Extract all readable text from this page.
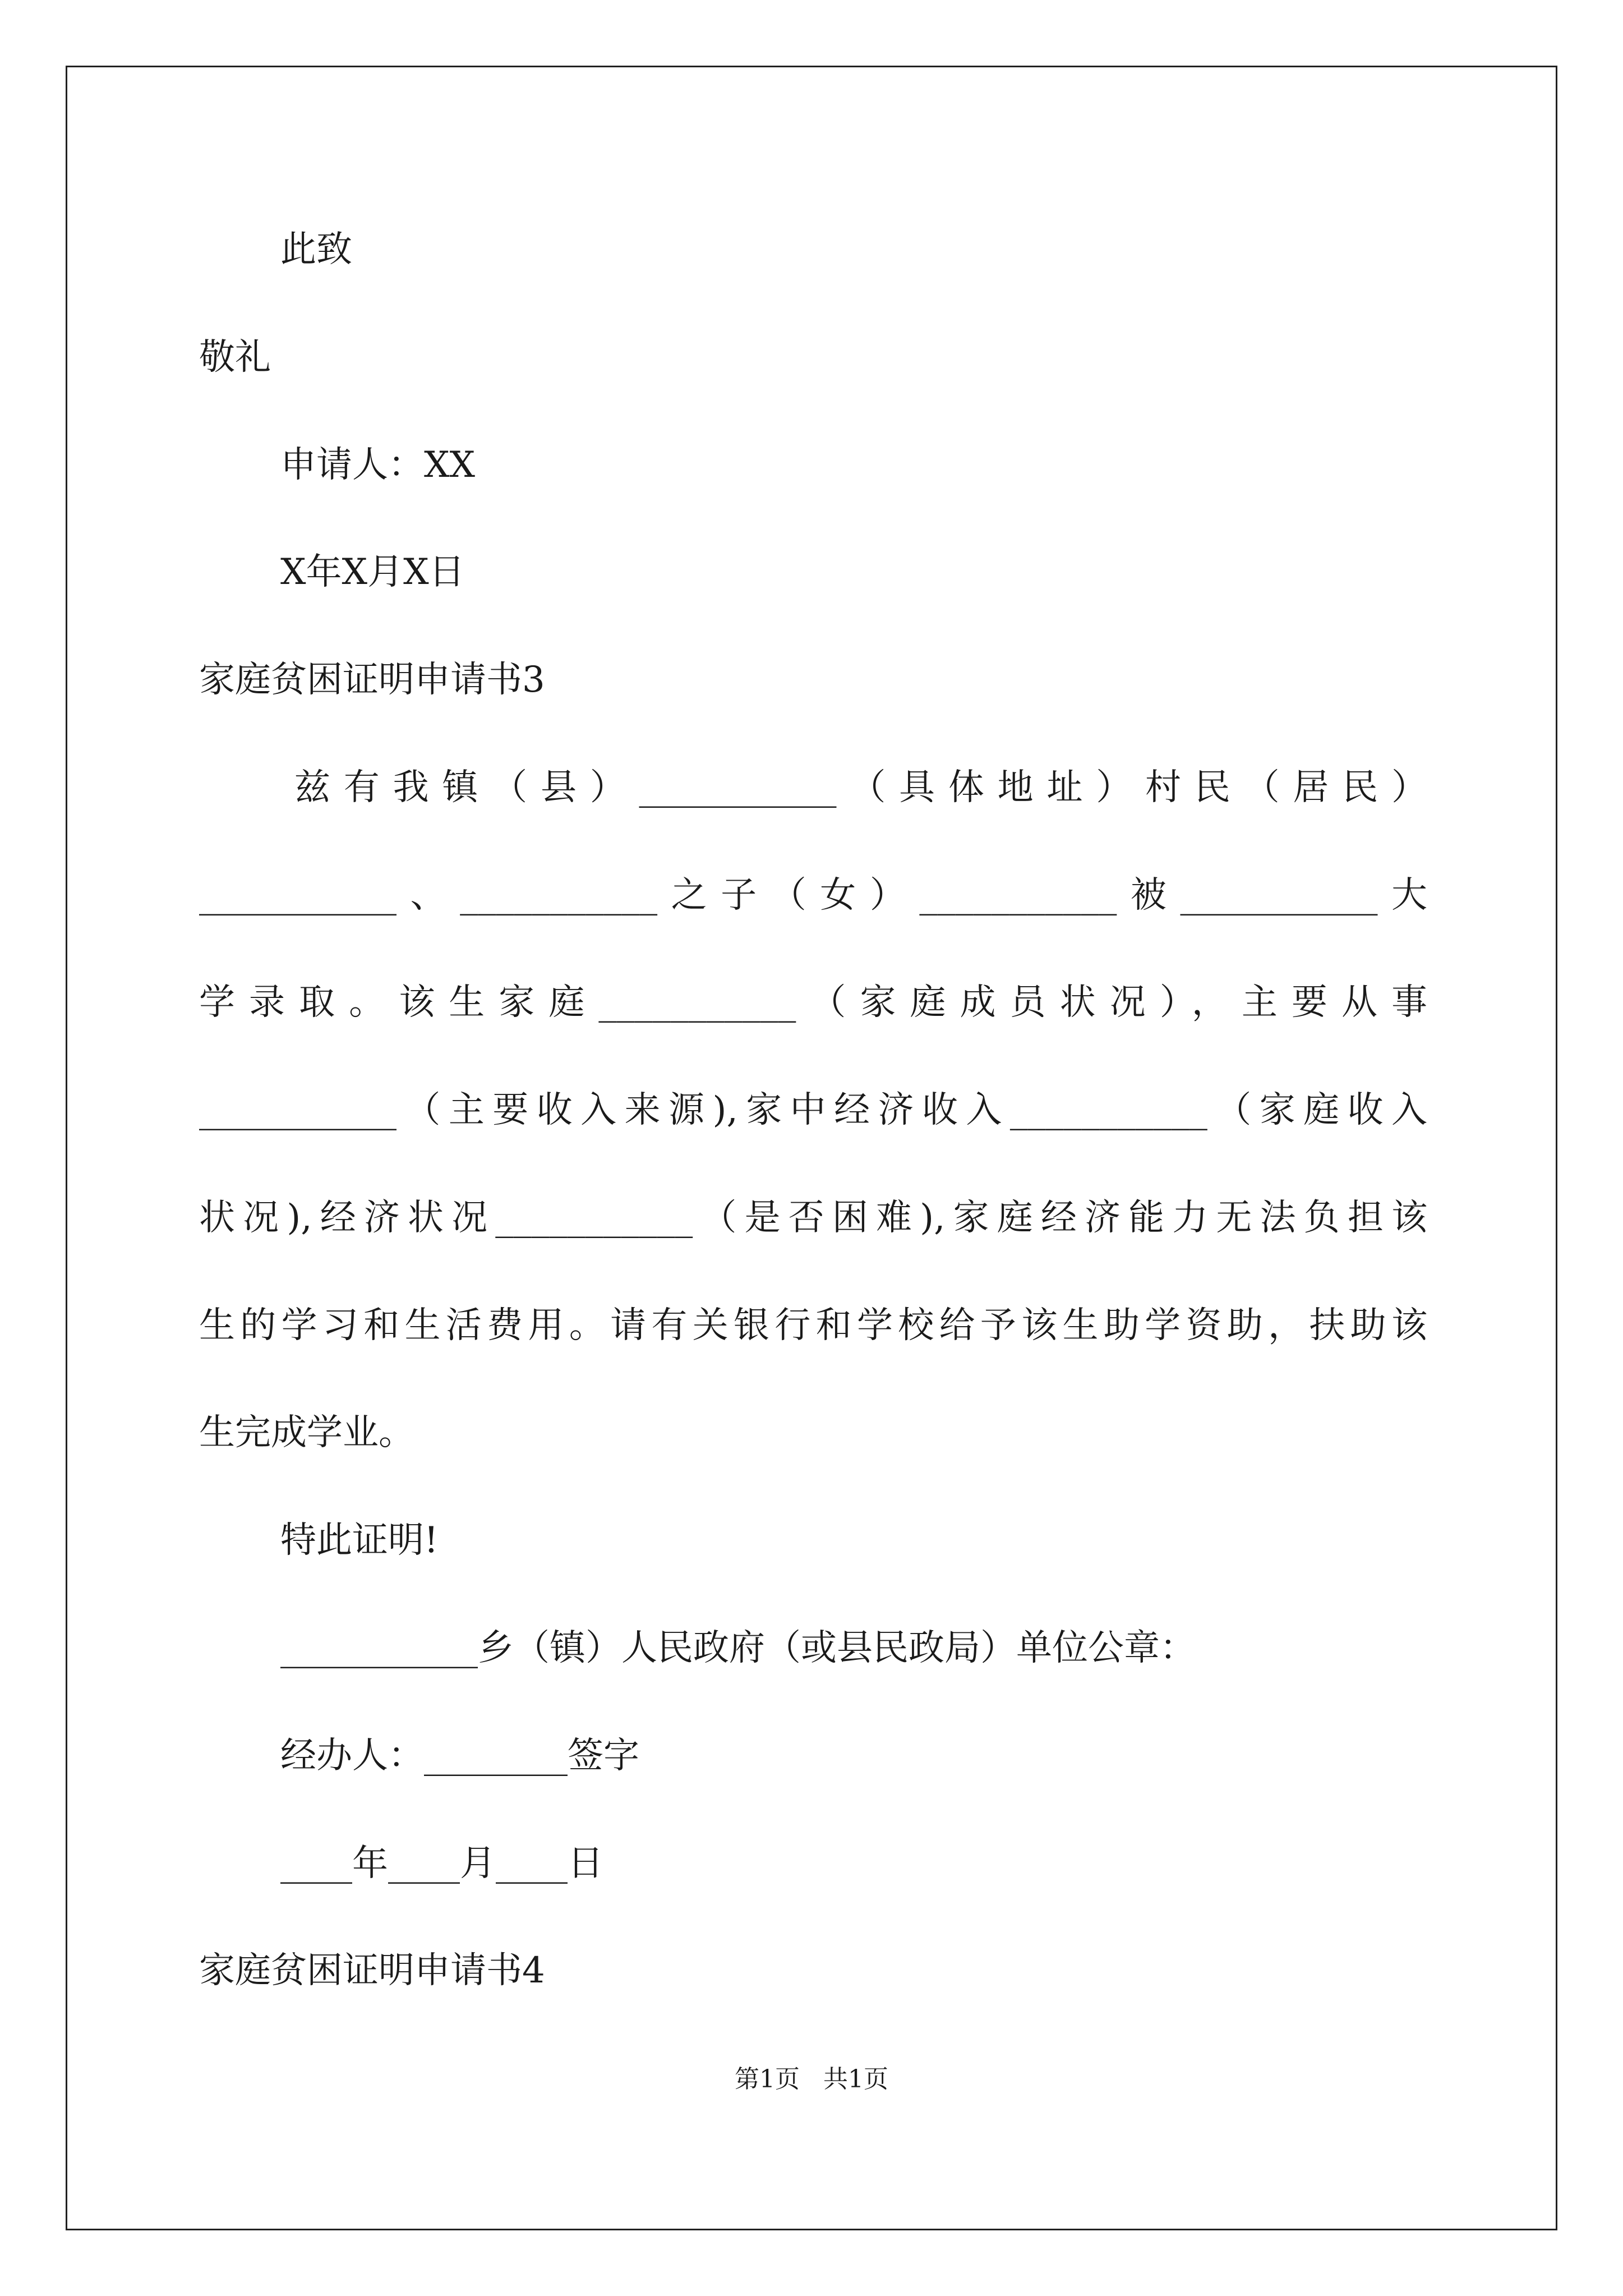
此致
敬礼
申请人：XX
X年X月X日
家庭贫困证明申请书3
兹有我镇（县）___________（具体地址）村民（居民）
___________、___________之子（女）___________被___________大
学录取。该生家庭___________（家庭成员状况），主要从事
___________（主要收入来源),家中经济收入___________（家庭收入
状况),经济状况___________（是否困难),家庭经济能力无法负担该
生的学习和生活费用。请有关银行和学校给予该生助学资助，扶助该
生完成学业。
特此证明!
___________乡（镇）人民政府（或县民政局）单位公章：
经办人：________签字
____年____月____日
家庭贫困证明申请书4
第1页   共1页
